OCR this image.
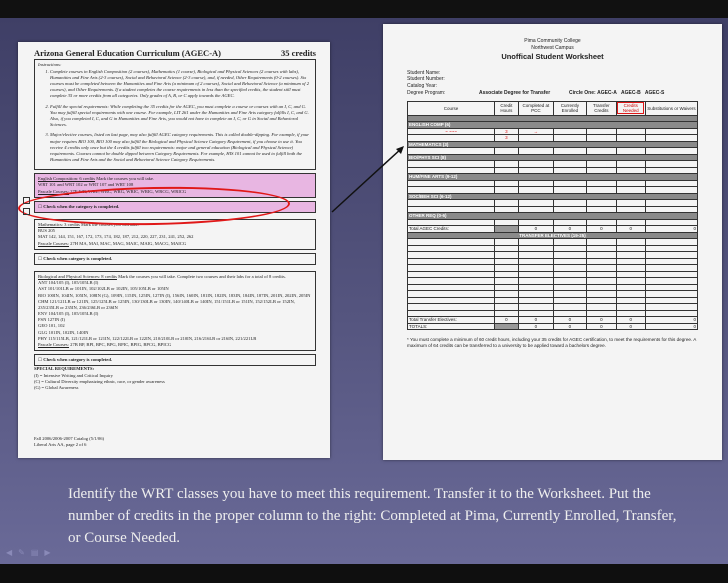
Arizona General Education Curriculum (AGEC-A)	35 credits
Instructions:
1. Complete courses in English Composition (2 courses), Mathematics (1 course), Biological and Physical Sciences (2 courses with labs), Humanities and Fine Arts (2-3 courses), Social and Behavioral Science (2-3 course), and, if needed, Other Requirements (0-2 courses). Six courses must be completed between the Humanities and Fine Arts (a minimum of 2 courses), Social and Behavioral Science (a minimum of 2 courses), and Other Requirements. If a student completes the course requirements in less than the specified credits, the student still must complete 35 or more credits from all categories. Only grades of A, B, or C apply towards the AGEC.
2. Fulfill the special requirements: While completing the 35 credits for the AGEC, you must complete a course or courses with an I, C, and G. You may fulfill special requirements with one course. For example, LIT 261 under the Humanities and Fine Arts category fulfills I, C, and G. Also, if you completed I, C, and G in Humanities and Fine Arts, you would not have to complete an I, C, or G in Social and Behavioral Sciences.
3. Major/elective courses, listed on last page, may also fulfill AGEC category requirements. This is called double-dipping. For example, if your major requires BIO 100, BIO 100 may also fulfill the Biological and Physical Science Category Requirement, if you choose to use it. You receive 4 credits only once but the 4 credits fulfill two requirements: major and general education (Biological and Physical Science) requirements. Courses cannot be double dipped between Category Requirements. For example, HIS 101 cannot be used to fulfill both the Humanities and Fine Arts and the Social and Behavioral Science Category Requirements.
English Composition: 6 credits Mark the courses you will take.
WRT 101 and WRT 102 or WRT 107 and WRT 108
Pascale Courses: 27E WR, WRL, WRC, WRG, WRIC, WRIG, WRCG, WRICG
☐ Check when the category is completed.
Mathematics: 3 credits Mark the courses you will take.
BUS 205
MAT 142, 144, 151, 167, 172, 173, 174, 182, 187, 212, 220, 227, 231, 241, 252, 262
Pascale Courses: 27H MA, MAI, MAC, MAG, MAIC, MAIG, MACG, MAICG
☐ Check when category is completed.
Biological and Physical Sciences: 8 credits Mark the courses you will take. Complete two courses and their labs for a total of 8 credits.
ANT 104/105 (I), 105/105LB (I)
AST 101/101LB or 101IN, 102/102LB or 102IN, 105/105LB or 105IN
BIO 100IN, 104IN, 105IN, 108IN (G), 109IN, 115IN, 125IN, 127IN (I), 156IN, 160IN, 181IN, 182IN, 183IN, 184IN, 187IN, 201IN, 202IN, 205IN
CHM 121/121LB or 121IN, 125/125LB or 125IN, 130/130LB or 130IN, 140/140LB or 140IN, 151/151LB or 151IN, 152/152LB or 152IN, 235/235LB or 235IN, 236/236LB or 236IN
ENV 104/105 (I), 105/105LB (I)
FSN 127IN (I)
GEO 101, 102
GLG 101IN, 102IN, 140IN
PHY 115/115LB, 121/121LB or 121IN, 122/122LB or 122IN, 210/210LB or 210IN, 216/216LB or 216IN, 221/221LB
Pascale Courses: 27B BP, BPI, BPC, BPG, BPIC, BPIG, BPCG, BPICG
☐ Check when category is completed.
SPECIAL REQUIREMENTS:
(I) = Intensive Writing and Critical Inquiry
(C) = Cultural Diversity emphasizing ethnic, race, or gender awareness
(G) = Global Awareness
Fall 2006/2006-2007 Catalog (5/1/06)
Liberal Arts AA, page 2 of 6
Pima Community College
Northwest Campus
Unoffical Student Worksheet
Student Name:
Student Number:
Catalog Year:
Degree Program:	Associate Degree for Transfer	Circle One:
AGEC-A
AGEC-B
AGEC-S
Course	Credit Hours	Completed at PCC	Currently Enrolled	Transfer Credits	Credits Needed	Substitutions or Waivers

ENGLISH COMP (6)						
~ ~~~	3	→				
	3					
MATHEMATICS (3)						

BIO/PHYS SCI (8)						

HUM/FINE ARTS (9-12)						

SOC/BEH SCI (6-12)						

OTHER REQ (0-6)						

Total AGEC Credits:		0	0	0	0	0
TRANSFER ELECTIVES (19-25)						

Total Transfer Electives:	0	0	0	0	0	0
TOTALS:		0	0	0	0	0
* You must complete a minimum of 60 credit hours, including your 35 credits for AGEC certification, to meet the requirements for this degree. A maximum of 64 credits can be transferred to a university to be applied toward a bachelors degree.
Identify the WRT classes you have to meet this requirement. Transfer it to the Worksheet. Put the number of credits in the proper column to the right: Completed at Pima, Currently Enrolled, Transfer, or Course Needed.
◀ ✎ ▤ ▶
